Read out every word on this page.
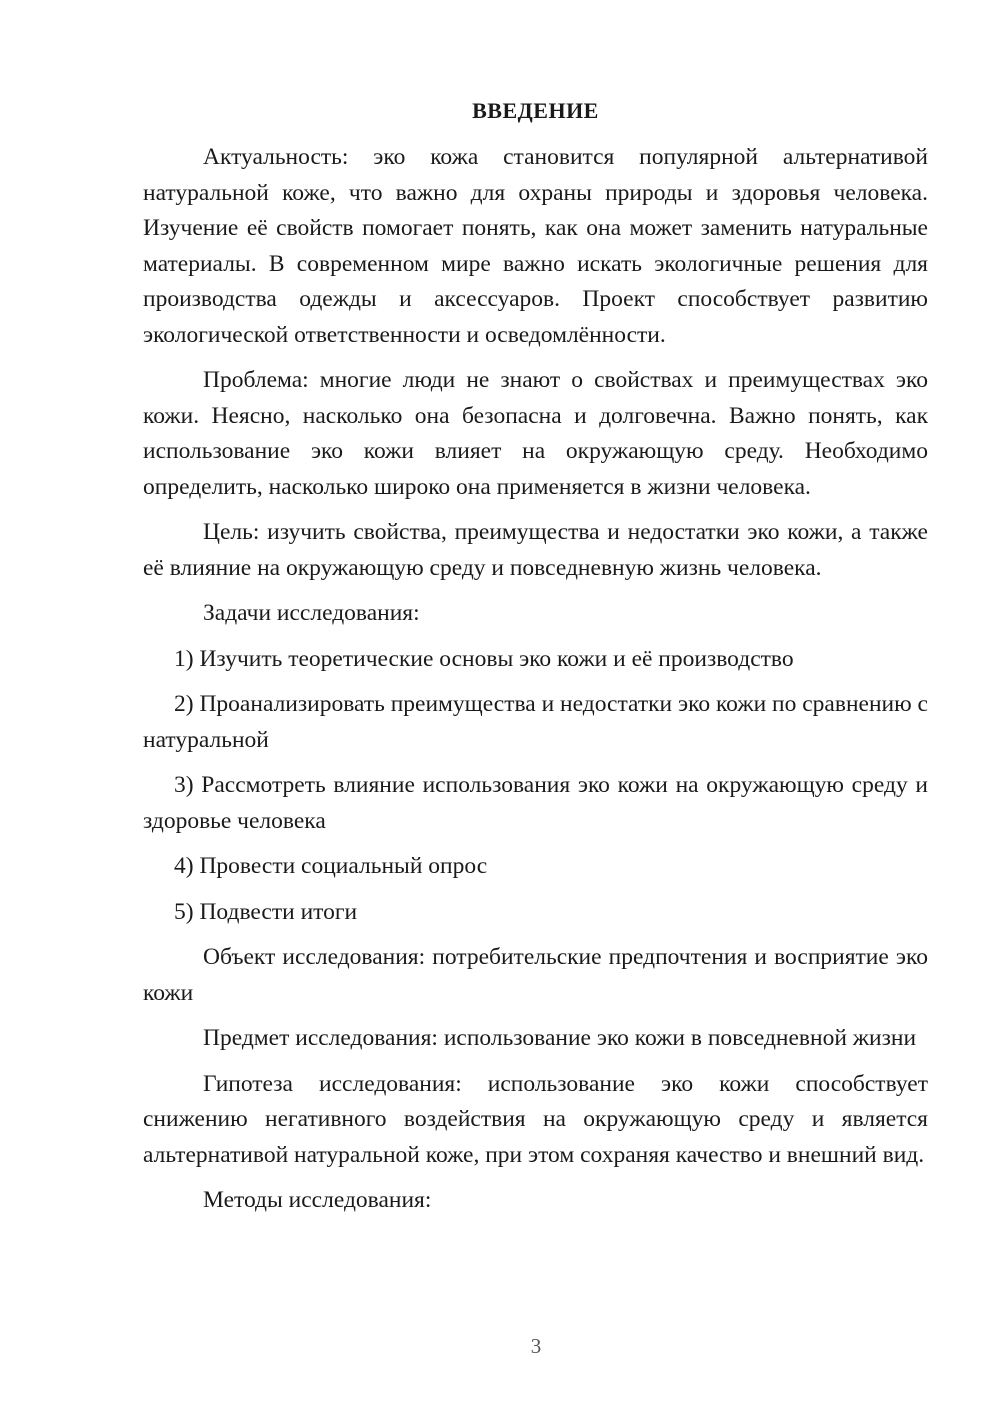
ВВЕДЕНИЕ

Актуальность: эко кожа становится популярной альтернативой натуральной коже, что важно для охраны природы и здоровья человека. Изучение её свойств помогает понять, как она может заменить натуральные материалы. В современном мире важно искать экологичные решения для производства одежды и аксессуаров. Проект способствует развитию экологической ответственности и осведомлённости.

Проблема: многие люди не знают о свойствах и преимуществах эко кожи. Неясно, насколько она безопасна и долговечна. Важно понять, как использование эко кожи влияет на окружающую среду. Необходимо определить, насколько широко она применяется в жизни человека.

Цель: изучить свойства, преимущества и недостатки эко кожи, а также её влияние на окружающую среду и повседневную жизнь человека.

Задачи исследования:

1) Изучить теоретические основы эко кожи и её производство

2) Проанализировать преимущества и недостатки эко кожи по сравнению с натуральной

3) Рассмотреть влияние использования эко кожи на окружающую среду и здоровье человека

4) Провести социальный опрос

5) Подвести итоги

Объект исследования: потребительские предпочтения и восприятие эко кожи

Предмет исследования: использование эко кожи в повседневной жизни

Гипотеза исследования: использование эко кожи способствует снижению негативного воздействия на окружающую среду и является альтернативой натуральной коже, при этом сохраняя качество и внешний вид.

Методы исследования:

3
